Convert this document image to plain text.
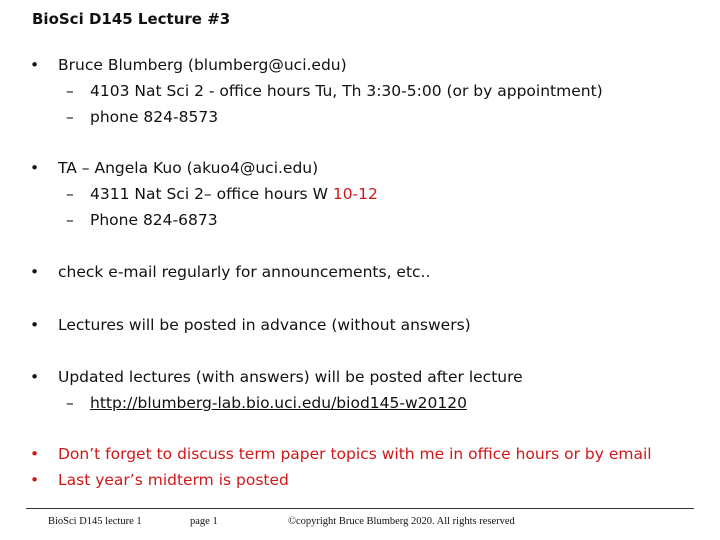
BioSci D145 Lecture #3
•	Bruce Blumberg (blumberg@uci.edu)
– 4103 Nat Sci 2 - office hours Tu, Th 3:30-5:00 (or by appointment)
– phone 824-8573
•	TA – Angela Kuo (akuo4@uci.edu)
– 4311 Nat Sci 2– office hours W 10-12
– Phone 824-6873
•	check e-mail regularly for announcements, etc..
•	Lectures will be posted in advance (without answers)
•	Updated lectures (with answers) will be posted after lecture
– http://blumberg-lab.bio.uci.edu/biod145-w20120
•	Don’t forget to discuss term paper topics with me in office hours or by email
•	Last year’s midterm is posted
BioSci D145 lecture 1	page 1	©copyright Bruce Blumberg 2020. All rights reserved
